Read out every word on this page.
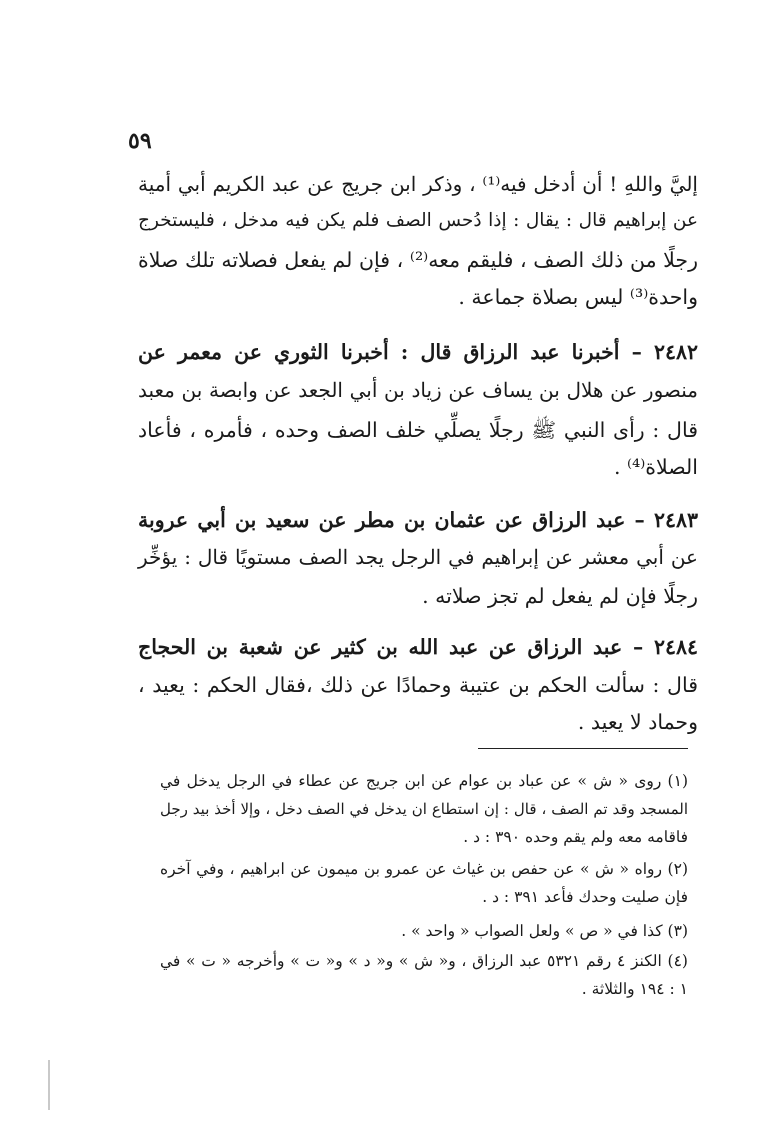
٥٩
إليَّ واللهِ ! أن أدخل فيه⁽¹⁾ ، وذكر ابن جريج عن عبد الكريم أبي أمية
عن إبراهيم قال : يقال : إذا دُحس الصف فلم يكن فيه مدخل ، فليستخرج
رجلًا من ذلك الصف ، فليقم معه⁽²⁾ ، فإن لم يفعل فصلاته تلك صلاة
واحدة⁽³⁾ ليس بصلاة جماعة .
٢٤٨٢ – أخبرنا عبد الرزاق قال : أخبرنا الثوري عن معمر عن
منصور عن هلال بن يساف عن زياد بن أبي الجعد عن وابصة بن معبد
قال : رأى النبي ﷺ رجلًا يصلِّي خلف الصف وحده ، فأمره ، فأعاد
الصلاة⁽⁴⁾ .
٢٤٨٣ – عبد الرزاق عن عثمان بن مطر عن سعيد بن أبي عروبة
عن أبي معشر عن إبراهيم في الرجل يجد الصف مستويًا قال : يؤخِّر
رجلًا فإن لم يفعل لم تجز صلاته .
٢٤٨٤ – عبد الرزاق عن عبد الله بن كثير عن شعبة بن الحجاج
قال : سألت الحكم بن عتيبة وحمادًا عن ذلك ،فقال الحكم : يعيد ،
وحماد لا يعيد .
(١) روى « ش » عن عباد بن عوام عن ابن جريج عن عطاء في الرجل يدخل في
المسجد وقد تم الصف ، قال : إن استطاع ان يدخل في الصف دخل ، وإلا أخذ بيد رجل
فاقامه معه ولم يقم وحده ٣٩٠ : د .
(٢) رواه « ش » عن حفص بن غياث عن عمرو بن ميمون عن ابراهيم ، وفي آخره
فإن صليت وحدك فأعد ٣٩١ : د .
(٣) كذا في « ص » ولعل الصواب « واحد » .
(٤) الكنز ٤ رقم ٥٣٢١ عبد الرزاق ، و« ش » و« د » و« ت » وأخرجه « ت » في
١ : ١٩٤ والثلاثة .
